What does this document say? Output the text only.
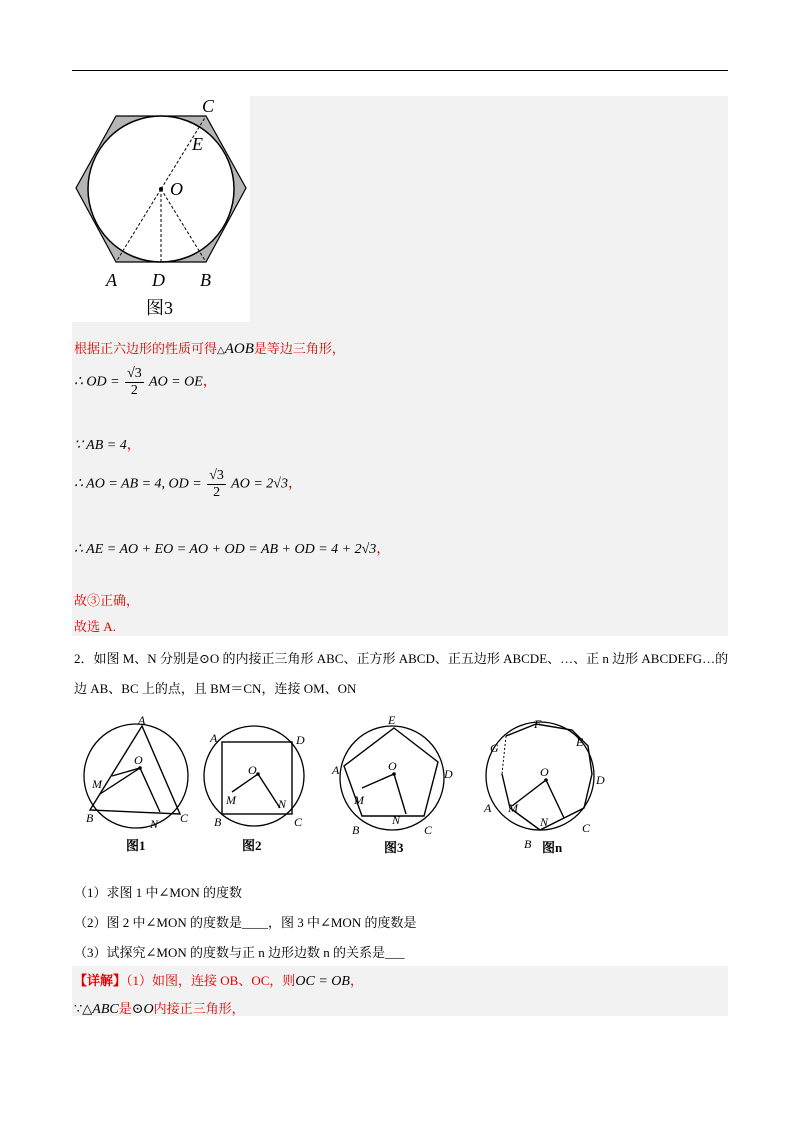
C
E
O
A D B
图3
根据正六边形的性质可得△AOB是等边三角形，
∴ OD = $\frac{√3}{2}$ AO = OE，
∵ AB = 4，
∴ AO = AB = 4, OD = $\frac{√3}{2}$ AO = 2√3，
∴ AE = AO + EO = AO + OD = AB + OD = 4 + 2√3，
故③正确，
故选 A.
2．如图 M、N 分别是⊙O 的内接正三角形 ABC、正方形 ABCD、正五边形 ABCDE、…、正 n 边形 ABCDEFG…的
边 AB、BC 上的点，且 BM＝CN，连接 OM、ON
A
B	C
M
N
O
图1
A
B	C
D
M	N
O
图2
E
A	D
B	C
M
N
O
图3
G
F
E
D
C
A
B
M
N
O
图n
（1）求图 1 中∠MON 的度数
（2）图 2 中∠MON 的度数是____，图 3 中∠MON 的度数是
（3）试探究∠MON 的度数与正 n 边形边数 n 的关系是___
【详解】（1）如图，连接 OB、OC，则OC = OB，
∵△ABC是⊙O内接正三角形，
